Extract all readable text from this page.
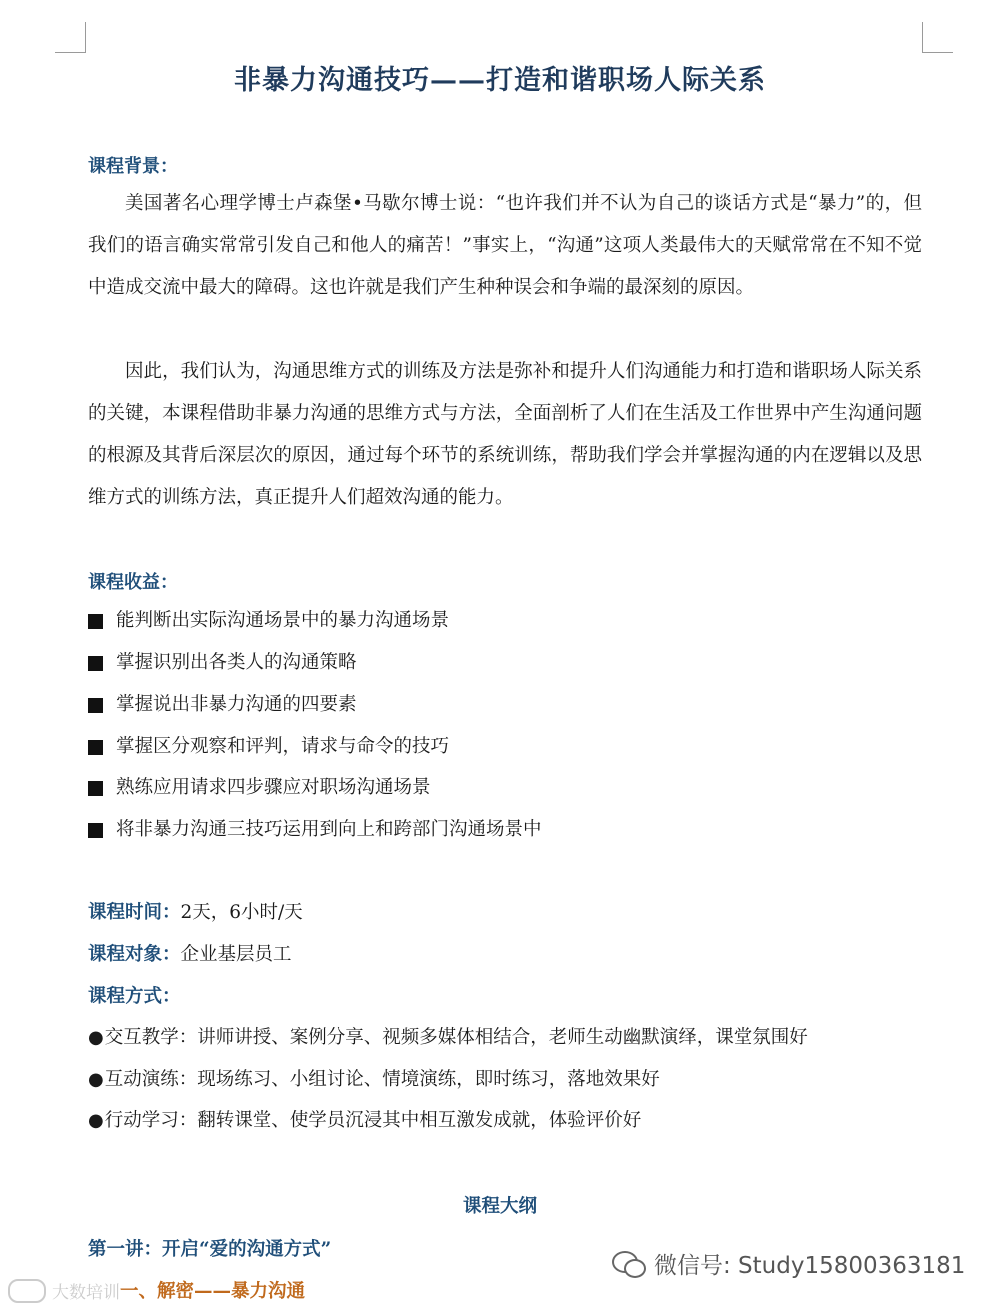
非暴力沟通技巧——打造和谐职场人际关系
课程背景：

美国著名心理学博士卢森堡•马歇尔博士说：“也许我们并不认为自己的谈话方式是“暴力”的，但我们的语言确实常常引发自己和他人的痛苦！”事实上，“沟通”这项人类最伟大的天赋常常在不知不觉中造成交流中最大的障碍。这也许就是我们产生种种误会和争端的最深刻的原因。

因此，我们认为，沟通思维方式的训练及方法是弥补和提升人们沟通能力和打造和谐职场人际关系的关键，本课程借助非暴力沟通的思维方式与方法，全面剖析了人们在生活及工作世界中产生沟通问题的根源及其背后深层次的原因，通过每个环节的系统训练，帮助我们学会并掌握沟通的内在逻辑以及思维方式的训练方法，真正提升人们超效沟通的能力。

课程收益：
能判断出实际沟通场景中的暴力沟通场景
掌握识别出各类人的沟通策略
掌握说出非暴力沟通的四要素
掌握区分观察和评判，请求与命令的技巧
熟练应用请求四步骤应对职场沟通场景
将非暴力沟通三技巧运用到向上和跨部门沟通场景中
课程时间：2天，6小时/天
课程对象：企业基层员工
课程方式：
●交互教学：讲师讲授、案例分享、视频多媒体相结合，老师生动幽默演绎，课堂氛围好
●互动演练：现场练习、小组讨论、情境演练，即时练习，落地效果好
●行动学习：翻转课堂、使学员沉浸其中相互激发成就，体验评价好
课程大纲
第一讲：开启“爱的沟通方式”
一、解密——暴力沟通
大数培训
微信号: Study15800363181
